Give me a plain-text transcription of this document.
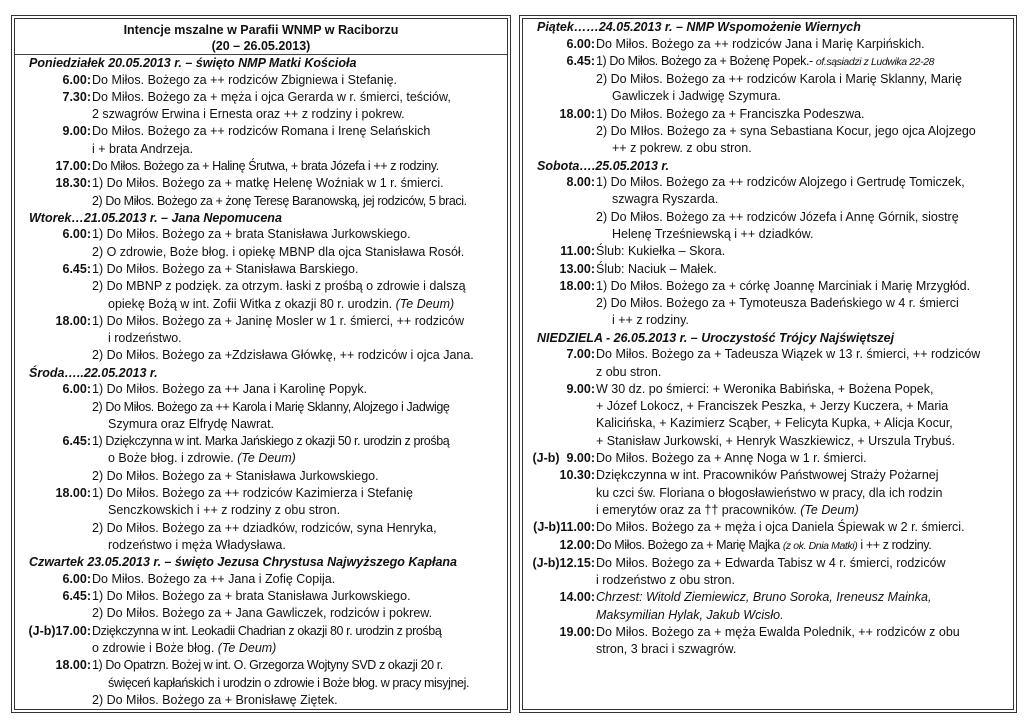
Intencje mszalne w Parafii WNMP w Raciborzu
(20 – 26.05.2013)
Poniedziałek 20.05.2013 r. – święto NMP Matki Kościoła
6.00: Do Miłos. Bożego za ++ rodziców Zbigniewa i Stefanię.
7.30: Do Miłos. Bożego za + męża i ojca Gerarda w r. śmierci, teściów,
2 szwagrów Erwina i Ernesta oraz ++ z rodziny i pokrew.
9.00: Do Miłos. Bożego za ++ rodziców Romana i Irenę Selańskich
i + brata Andrzeja.
17.00: Do Miłos. Bożego za + Halinę Śrutwa, + brata Józefa i ++ z rodziny.
18.30: 1) Do Miłos. Bożego za + matkę Helenę Woźniak w 1 r. śmierci.
2) Do Miłos. Bożego za + żonę Teresę Baranowską, jej rodziców, 5 braci.
Wtorek…21.05.2013 r. – Jana Nepomucena
6.00: 1) Do Miłos. Bożego za + brata Stanisława Jurkowskiego.
2) O zdrowie, Boże błog. i opiekę MBNP dla ojca Stanisława Rosół.
6.45: 1) Do Miłos. Bożego za + Stanisława Barskiego.
2) Do MBNP z podzięk. za otrzym. łaski z prośbą o zdrowie i dalszą
opiekę Bożą w int. Zofii Witka z okazji 80 r. urodzin. (Te Deum)
18.00: 1) Do Miłos. Bożego za + Janinę Mosler w 1 r. śmierci, ++ rodziców
i rodzeństwo.
2) Do Miłos. Bożego za +Zdzisława Główkę, ++ rodziców i ojca Jana.
Środa…..22.05.2013 r.
6.00: 1) Do Miłos. Bożego za ++ Jana i Karolinę Popyk.
2) Do Miłos. Bożego za ++ Karola i Marię Sklanny, Alojzego i Jadwigę
Szymura oraz Elfrydę Nawrat.
6.45: 1) Dziękczynna w int. Marka Jańskiego z okazji 50 r. urodzin z prośbą
o Boże błog. i zdrowie. (Te Deum)
2) Do Miłos. Bożego za + Stanisława Jurkowskiego.
18.00: 1) Do Miłos. Bożego za ++ rodziców Kazimierza i Stefanię
Senczkowskich i ++ z rodziny z obu stron.
2) Do Miłos. Bożego za ++ dziadków, rodziców, syna Henryka,
rodzeństwo i męża Władysława.
Czwartek 23.05.2013 r. – święto Jezusa Chrystusa Najwyższego Kapłana
6.00: Do Miłos. Bożego za ++ Jana i Zofię Copija.
6.45: 1) Do Miłos. Bożego za + brata Stanisława Jurkowskiego.
2) Do Miłos. Bożego za + Jana Gawliczek, rodziców i pokrew.
(J-b)17.00: Dziękczynna w int. Leokadii Chadrian z okazji 80 r. urodzin z prośbą
o zdrowie i Boże błog. (Te Deum)
18.00: 1) Do Opatrzn. Bożej w int. O. Grzegorza Wojtyny SVD z okazji 20 r.
święceń kapłańskich i urodzin o zdrowie i Boże błog. w pracy misyjnej.
2) Do Miłos. Bożego za + Bronisławę Ziętek.
Piątek……24.05.2013 r. – NMP Wspomożenie Wiernych
6.00: Do Miłos. Bożego za ++ rodziców Jana i Marię Karpińskich.
6.45: 1) Do Miłos. Bożego za + Bożenę Popek.- of.sąsiadzi z Ludwika 22-28
2) Do Miłos. Bożego za ++ rodziców Karola i Marię Sklanny, Marię
Gawliczek i Jadwigę Szymura.
18.00: 1) Do Miłos. Bożego za + Franciszka Podeszwa.
2) Do MIłos. Bożego za + syna Sebastiana Kocur, jego ojca Alojzego
++ z pokrew. z obu stron.
Sobota….25.05.2013 r.
8.00: 1) Do Miłos. Bożego za ++ rodziców Alojzego i Gertrudę Tomiczek,
szwagra Ryszarda.
2) Do Miłos. Bożego za ++ rodziców Józefa i Annę Górnik, siostrę
Helenę Trześniewską i ++ dziadków.
11.00: Ślub: Kukiełka – Skora.
13.00: Ślub: Naciuk – Małek.
18.00: 1) Do Miłos. Bożego za + córkę Joannę Marciniak i Marię Mrzygłód.
2) Do Miłos. Bożego za + Tymoteusza Badeńskiego w 4 r. śmierci
i ++ z rodziny.
NIEDZIELA - 26.05.2013 r. – Uroczystość Trójcy Najświętszej
7.00: Do Miłos. Bożego za + Tadeusza Wiązek w 13 r. śmierci, ++ rodziców
z obu stron.
9.00: W 30 dz. po śmierci: + Weronika Babińska, + Bożena Popek,
+ Józef Lokocz, + Franciszek Peszka, + Jerzy Kuczera, + Maria
Kalicińska, + Kazimierz Scąber, + Felicyta Kupka, + Alicja Kocur,
+ Stanisław Jurkowski, + Henryk Waszkiewicz, + Urszula Trybuś.
(J-b)  9.00: Do Miłos. Bożego za + Annę Noga w 1 r. śmierci.
10.30: Dziękczynna w int. Pracowników Państwowej Straży Pożarnej
ku czci św. Floriana o błogosławieństwo w pracy, dla ich rodzin
i emerytów oraz za †† pracowników. (Te Deum)
(J-b)11.00: Do Miłos. Bożego za + męża i ojca Daniela Śpiewak w 2 r. śmierci.
12.00: Do Miłos. Bożego za + Marię Majka (z ok. Dnia Matki) i ++ z rodziny.
(J-b)12.15: Do Miłos. Bożego za + Edwarda Tabisz w 4 r. śmierci, rodziców
i rodzeństwo z obu stron.
14.00: Chrzest: Witold Ziemiewicz, Bruno Soroka, Ireneusz Mainka,
Maksymilian Hylak, Jakub Wcisło.
19.00: Do Miłos. Bożego za + męża Ewalda Polednik, ++ rodziców z obu
stron, 3 braci i szwagrów.
